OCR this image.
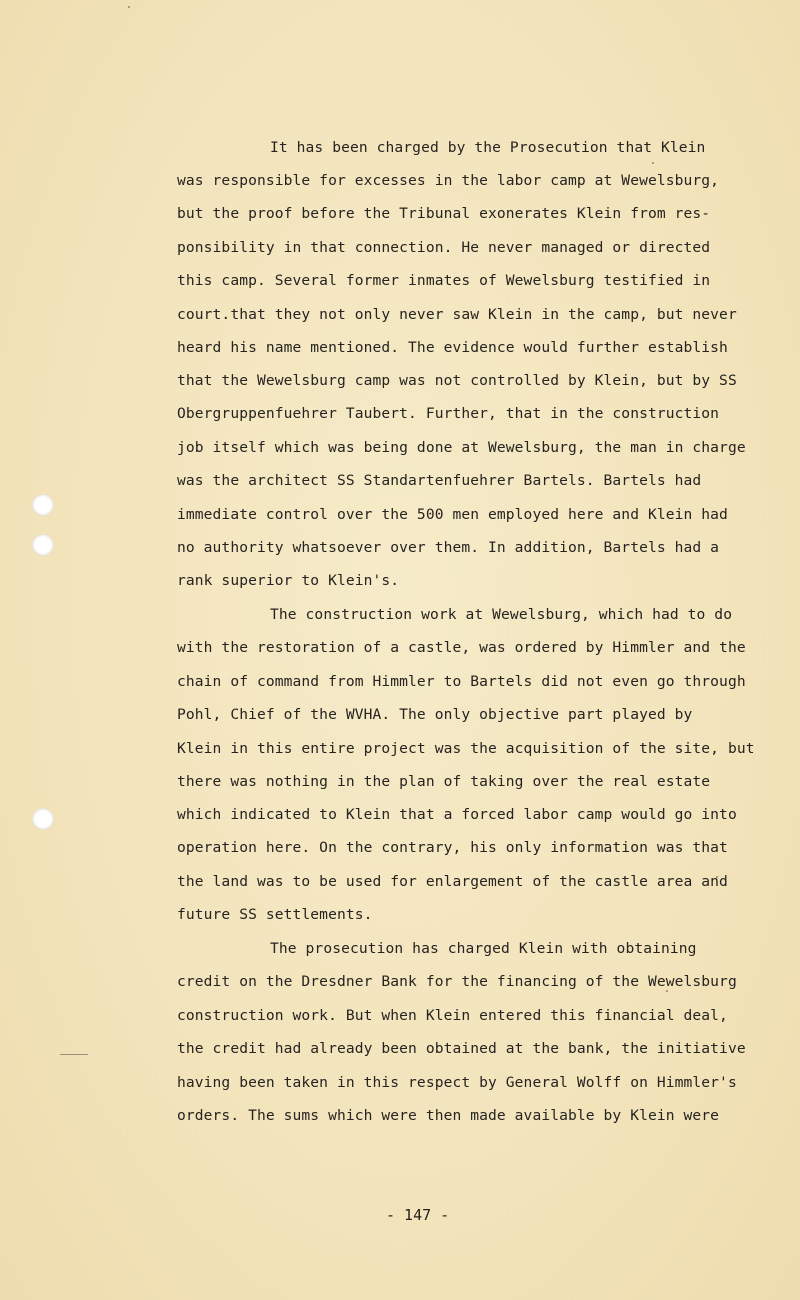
It has been charged by the Prosecution that Klein
was responsible for excesses in the labor camp at Wewelsburg,
but the proof before the Tribunal exonerates Klein from res-
ponsibility in that connection. He never managed or directed
this camp. Several former inmates of Wewelsburg testified in
court.that they not only never saw Klein in the camp, but never
heard his name mentioned. The evidence would further establish
that the Wewelsburg camp was not controlled by Klein, but by SS
Obergruppenfuehrer Taubert. Further, that in the construction
job itself which was being done at Wewelsburg, the man in charge
was the architect SS Standartenfuehrer Bartels. Bartels had
immediate control over the 500 men employed here and Klein had
no authority whatsoever over them. In addition, Bartels had a
rank superior to Klein's.
The construction work at Wewelsburg, which had to do
with the restoration of a castle, was ordered by Himmler and the
chain of command from Himmler to Bartels did not even go through
Pohl, Chief of the WVHA. The only objective part played by
Klein in this entire project was the acquisition of the site, but
there was nothing in the plan of taking over the real estate
which indicated to Klein that a forced labor camp would go into
operation here. On the contrary, his only information was that
the land was to be used for enlargement of the castle area and
future SS settlements.
The prosecution has charged Klein with obtaining
credit on the Dresdner Bank for the financing of the Wewelsburg
construction work. But when Klein entered this financial deal,
the credit had already been obtained at the bank, the initiative
having been taken in this respect by General Wolff on Himmler's
orders. The sums which were then made available by Klein were
- 147 -
